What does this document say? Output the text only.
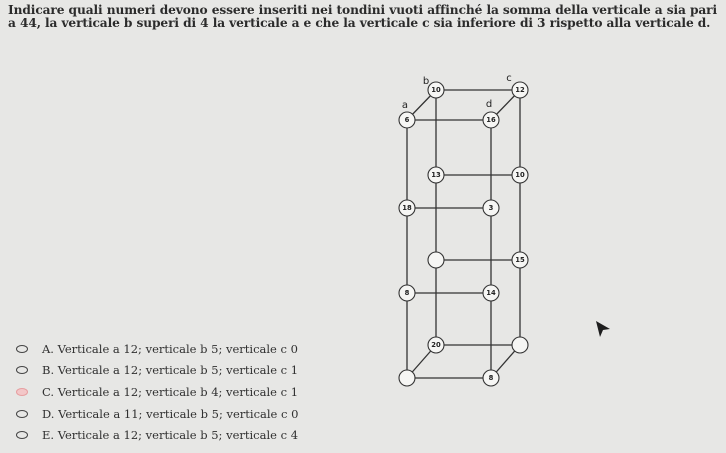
Indicare quali numeri devono essere inseriti nei tondini vuoti affinché la somma della verticale a sia pari a 44, la verticale b superi di 4 la verticale a e che la verticale c sia inferiore di 3 rispetto alla verticale d.
b	c
a	d
10	12
6	16
13	10
18	3
15
8	14
20
8
A. Verticale a 12; verticale b 5; verticale c 0
B. Verticale a 12; verticale b 5; verticale c 1
C. Verticale a 12; verticale b 4; verticale c 1
D. Verticale a 11; verticale b 5; verticale c 0
E. Verticale a 12; verticale b 5; verticale c 4
